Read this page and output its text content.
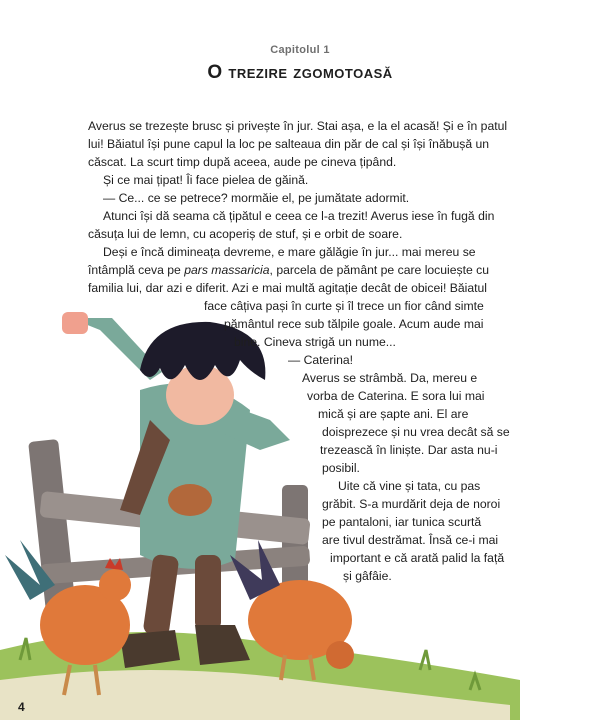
Capitolul 1
O trezire zgomotoasă
Averus se trezește brusc și privește în jur. Stai așa, e la el acasă! Și e în patul
lui! Băiatul își pune capul la loc pe salteaua din păr de cal și își înăbușă un
căscat. La scurt timp după aceea, aude pe cineva țipând.
Și ce mai țipat! Îi face pielea de găină.
— Ce... ce se petrece? mormăie el, pe jumătate adormit.
Atunci își dă seama că țipătul e ceea ce l-a trezit! Averus iese în fugă din
căsuța lui de lemn, cu acoperiș de stuf, și e orbit de soare.
Deși e încă dimineața devreme, e mare gălăgie în jur... mai mereu se
întâmplă ceva pe pars massaricia, parcela de pământ pe care locuiește cu
familia lui, dar azi e diferit. Azi e mai multă agitație decât de obicei! Băiatul
face câțiva pași în curte și îl trece un fior când simte
pământul rece sub tălpile goale. Acum aude mai
bine. Cineva strigă un nume...
— Caterina!
Averus se strâmbă. Da, mereu e
vorba de Caterina. E sora lui mai
mică și are șapte ani. El are
doisprezece și nu vrea decât să se
trezească în liniște. Dar asta nu-i
posibil.
Uite că vine și tata, cu pas
grăbit. S-a murdărit deja de noroi
pe pantaloni, iar tunica scurtă
are tivul destrămat. Însă ce-i mai
important e că arată palid la față
și gâfâie.
4
